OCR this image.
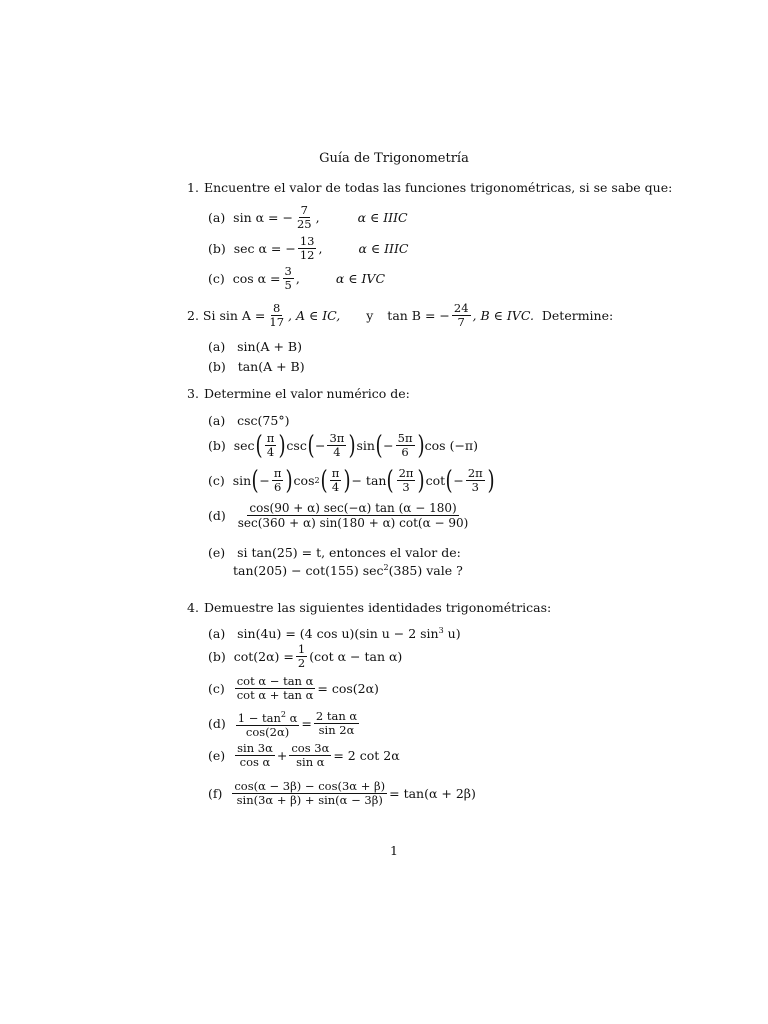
Guía de Trigonometría
1. Encuentre el valor de todas las funciones trigonométricas, si se sabe que:
(a)
sin α = − $\frac{7}{25}$ ,	α ∈ IIIC
(b)
sec α = − $\frac{13}{12}$ ,	α ∈ IIIC
(c)
$\cos \alpha = \frac{3}{5}$ ,	α ∈ IVC
2.
Si $\sin A = \frac{8}{17}$ , A ∈ IC, y tan B = − $\frac{24}{7}$ , B ∈ IVC.
Determine:
(a) sin(A + B)
(b) tan(A + B)
3. Determine el valor numérico de:
(a) csc(75°)
(b)
sec ( $\frac{\pi}{4}$ ) csc ( − $\frac{3\pi}{4}$ ) sin ( − $\frac{5\pi}{6}$ ) cos (−π)
(c)
sin ( − $\frac{\pi}{6}$ ) cos 2 ( $\frac{\pi}{4}$ ) − tan ( $\frac{2\pi}{3}$ ) cot ( − $\frac{2\pi}{3}$ )
(d)
$\frac{\cos(90 + \alpha) \sec(-\alpha) \tan (\alpha - 180)}{\sec(360 + \alpha) \sin(180 + \alpha) \cot(\alpha - 90)}$
(e) si tan(25) = t, entonces el valor de:
tan(205) − cot(155) $\sec^2(385)$ vale ?
4. Demuestre las siguientes identidades trigonométricas:
(a) sin(4u) = (4 cos u)(sin u − 2 $\sin^3 u$)
(b)
$\cot(2\alpha) = \frac{1}{2} (\cot$ α − tan α)
(c)
$\frac{\text{cot α − tan α}}{\text{cot α + tan α}} = \cos(2\alpha)$
(d)
$\frac{1 - \tan^2 \alpha}{\cos(2\alpha)} = \frac{\text{2 tan α}}{\sin 2\alpha}$
(e)
$\frac{\sin 3\alpha}{\text{cos α}} + \frac{\cos 3\alpha}{\text{sin α}} = 2$ cot 2α
(f)
$\frac{\cos(\alpha - 3\beta) - \cos(3\alpha + \beta)}{\sin(3\alpha + \beta) + \sin(\alpha - 3\beta)} = \tan(\alpha + 2\beta)$
1
